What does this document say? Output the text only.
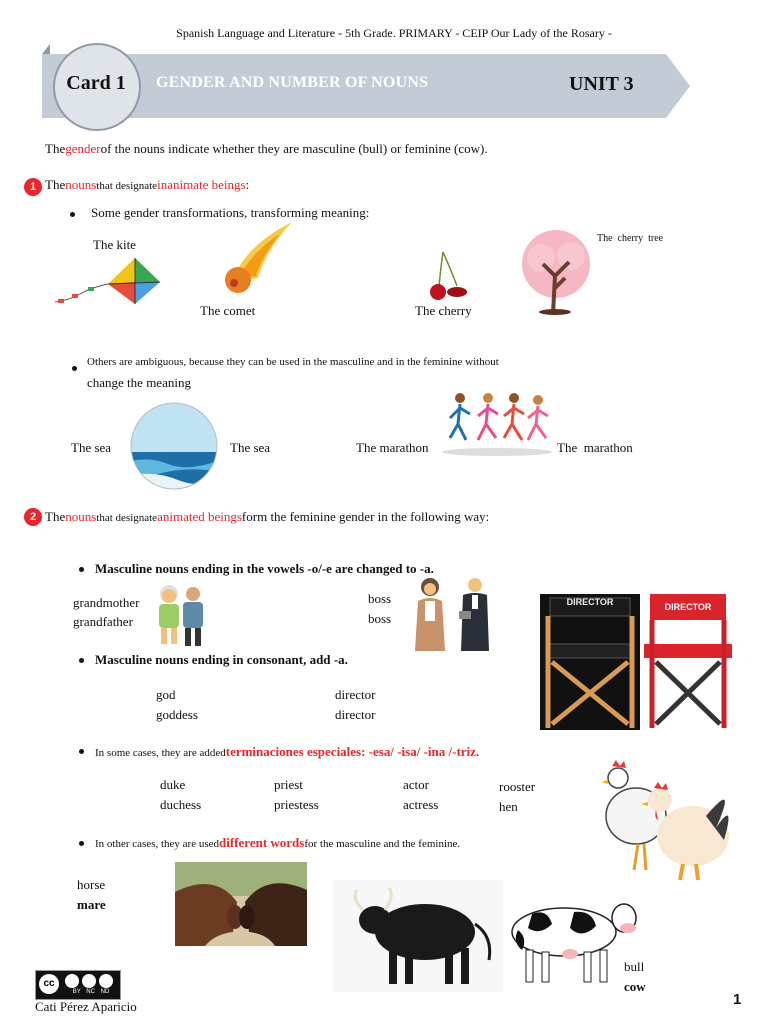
Spanish Language and Literature - 5th Grade. PRIMARY - CEIP Our Lady of the Rosary -
Card 1	GENDER AND NUMBER OF NOUNS	UNIT 3
Thegenderof the nouns indicate whether they are masculine (bull) or feminine (cow).
1 Thenounsthat designateinanimate beings:
Some gender transformations, transforming meaning:
The kite
The comet	The cherry
The  cherry  tree
Others are ambiguous, because they can be used in the masculine and in the feminine without
change the meaning
The sea	The sea	The marathon	The  marathon
2 Thenounsthat designateanimated beingsform the feminine gender in the following way:
Masculine nouns ending in the vowels -o/-e are changed to -a.
grandmother
grandfather
boss
boss
DIRECTOR	DIRECTOR
Masculine nouns ending in consonant, add -a.
god
goddess
director
director
In some cases, they are addedterminaciones especiales: -esa/ -isa/ -ina /-triz.
duke
duchess
priest
priestess
actor
actress
rooster
hen
In other cases, they are useddifferent wordsfor the masculine and the feminine.
horse
mare
bull
cow
cc
BY NC ND
Cati Pérez Aparicio	1
